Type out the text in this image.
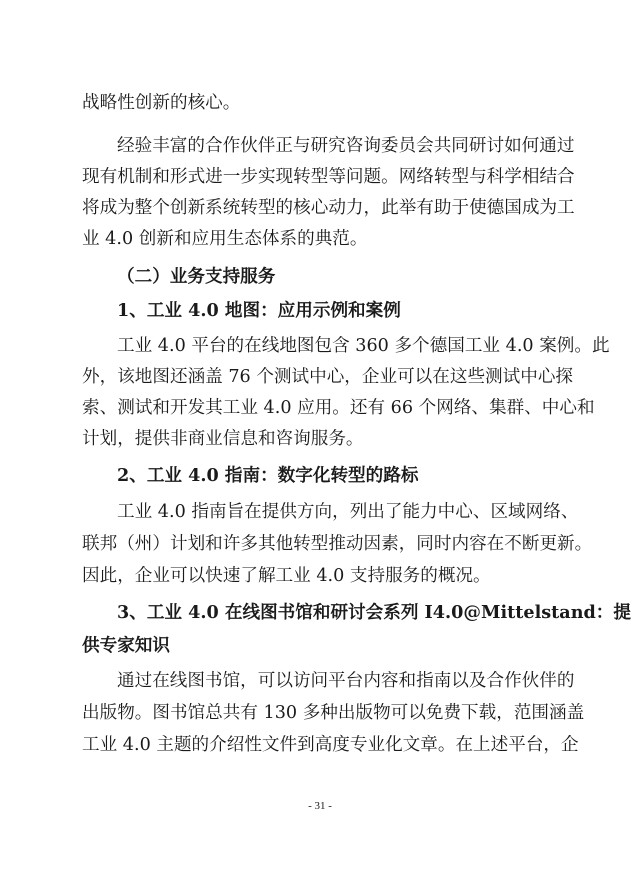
战略性创新的核心。
经验丰富的合作伙伴正与研究咨询委员会共同研讨如何通过
现有机制和形式进一步实现转型等问题。网络转型与科学相结合
将成为整个创新系统转型的核心动力，此举有助于使德国成为工
业 4.0 创新和应用生态体系的典范。
（二）业务支持服务
1、工业 4.0 地图：应用示例和案例
工业 4.0 平台的在线地图包含 360 多个德国工业 4.0 案例。此
外，该地图还涵盖 76 个测试中心，企业可以在这些测试中心探
索、测试和开发其工业 4.0 应用。还有 66 个网络、集群、中心和
计划，提供非商业信息和咨询服务。
2、工业 4.0 指南：数字化转型的路标
工业 4.0 指南旨在提供方向，列出了能力中心、区域网络、
联邦（州）计划和许多其他转型推动因素，同时内容在不断更新。
因此，企业可以快速了解工业 4.0 支持服务的概况。
3、工业 4.0 在线图书馆和研讨会系列 I4.0@Mittelstand：提
供专家知识
通过在线图书馆，可以访问平台内容和指南以及合作伙伴的
出版物。图书馆总共有 130 多种出版物可以免费下载，范围涵盖
工业 4.0 主题的介绍性文件到高度专业化文章。在上述平台，企
- 31 -
